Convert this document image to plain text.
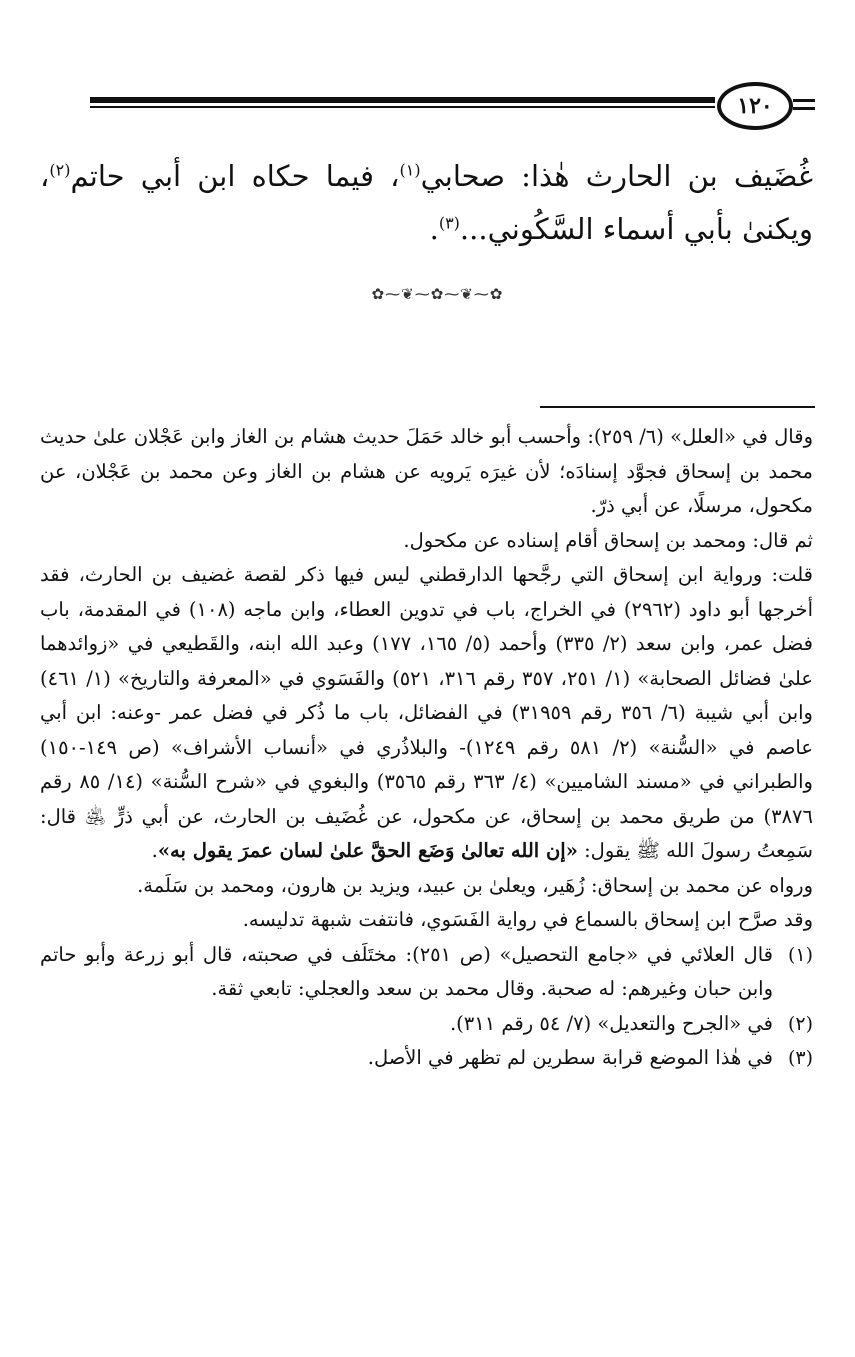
١٢٠

غُضَيف بن الحارث هٰذا: صحابي$^{(١)}$، فيما حكاه ابن أبي حاتم$^{(٢)}$،

ويكنىٰ بأبي أسماء السَّكُوني...$^{(٣)}$.

✿⁓❦⁓✿⁓❦⁓✿

وقال في «العلل» (٦/ ٢٥٩): وأحسب أبو خالد حَمَلَ حديث هشام بن الغاز وابن عَجْلان علىٰ حديث محمد بن إسحاق فجوَّد إسنادَه؛ لأن غيرَه يَرويه عن هشام بن الغاز وعن محمد بن عَجْلان، عن مكحول، مرسلًا، عن أبي ذرّ.

ثم قال: ومحمد بن إسحاق أقام إسناده عن مكحول.

قلت: ورواية ابن إسحاق التي رجَّحها الدارقطني ليس فيها ذكر لقصة غضيف بن الحارث، فقد أخرجها أبو داود (٢٩٦٢) في الخراج، باب في تدوين العطاء، وابن ماجه (١٠٨) في المقدمة، باب فضل عمر، وابن سعد (٢/ ٣٣٥) وأحمد (٥/ ١٦٥، ١٧٧) وعبد الله ابنه، والقَطيعي في «زوائدهما علىٰ فضائل الصحابة» (١/ ٢٥١، ٣٥٧ رقم ٣١٦، ٥٢١) والفَسَوي في «المعرفة والتاريخ» (١/ ٤٦١) وابن أبي شيبة (٦/ ٣٥٦ رقم ٣١٩٥٩) في الفضائل، باب ما ذُكر في فضل عمر -وعنه: ابن أبي عاصم في «السُّنة» (٢/ ٥٨١ رقم ١٢٤٩)- والبلاذُري في «أنساب الأشراف» (ص ١٤٩-١٥٠) والطبراني في «مسند الشاميين» (٤/ ٣٦٣ رقم ٣٥٦٥) والبغوي في «شرح السُّنة» (١٤/ ٨٥ رقم ٣٨٧٦) من طريق محمد بن إسحاق، عن مكحول، عن غُضَيف بن الحارث، عن أبي ذرٍّ ﵁ قال: سَمِعتُ رسولَ الله ﷺ يقول: «إن الله تعالىٰ وَضَع الحقَّ علىٰ لسان عمرَ يقول به».

ورواه عن محمد بن إسحاق: زُهَير، ويعلىٰ بن عبيد، ويزيد بن هارون، ومحمد بن سَلَمة.

وقد صرَّح ابن إسحاق بالسماع في رواية الفَسَوي، فانتفت شبهة تدليسه.

(١)
قال العلائي في «جامع التحصيل» (ص ٢٥١): مختَلَف في صحبته، قال أبو زرعة وأبو حاتم وابن حبان وغيرهم: له صحبة. وقال محمد بن سعد والعجلي: تابعي ثقة.
(٢)
في «الجرح والتعديل» (٧/ ٥٤ رقم ٣١١).
(٣)
في هٰذا الموضع قرابة سطرين لم تظهر في الأصل.
